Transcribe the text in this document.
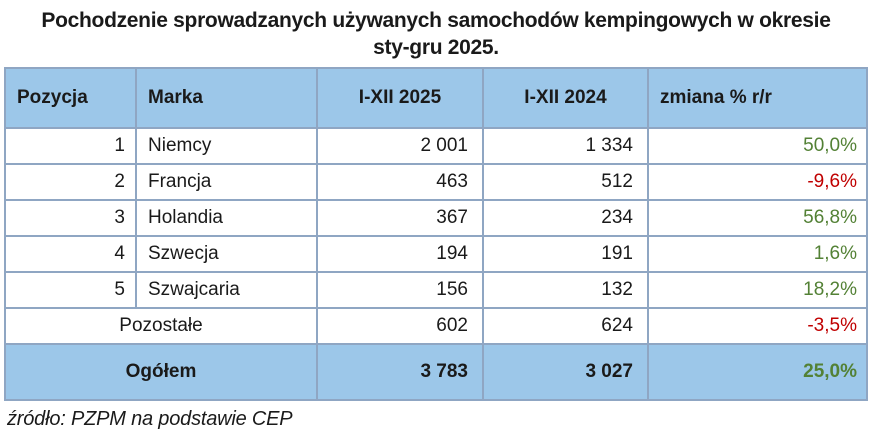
Pochodzenie sprowadzanych używanych samochodów kempingowych w okresie
sty-gru 2025.
Pozycja	Marka	I-XII 2025	I-XII 2024	zmiana % r/r
1	Niemcy	2 001	1 334	50,0%
2	Francja	463	512	-9,6%
3	Holandia	367	234	56,8%
4	Szwecja	194	191	1,6%
5	Szwajcaria	156	132	18,2%
Pozostałe		602	624	-3,5%
Ogółem		3 783	3 027	25,0%
źródło: PZPM na podstawie CEP
